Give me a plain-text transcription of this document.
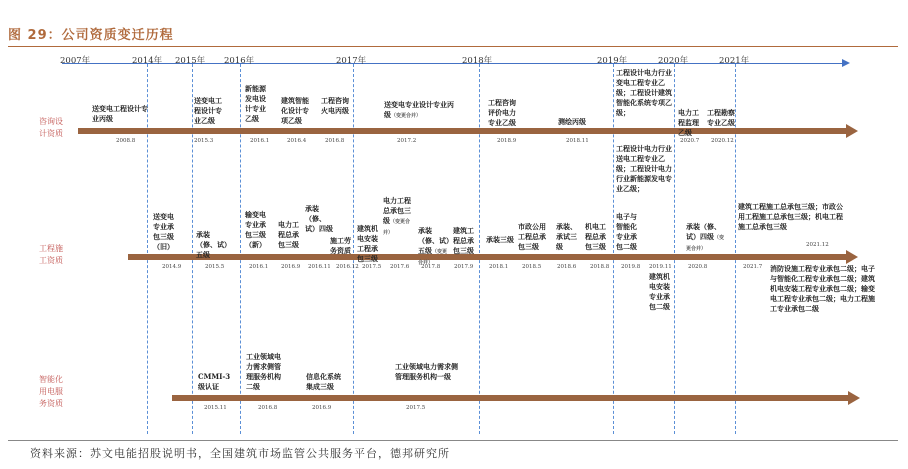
图 29：公司资质变迁历程
2007年	2014年 2015年 2016年	2017年	2018年	2019年	2020年	2021年
咨询设计资质
工程施工资质
智能化用电服务资质
送变电工程设计专业丙级
2008.8
送变电工程设计专业乙级
2015.3
新能源发电设计专业乙级
2016.1
建筑智能化设计专项乙级
2016.4
工程咨询火电丙级
2016.8
送变电专业设计专业丙级（变更合并）
2017.2
工程咨询评价电力专业乙级
2018.9
测绘丙级
2018.11
工程设计电力行业变电工程专业乙级；工程设计建筑智能化系统专项乙级；
工程设计电力行业送电工程专业乙级；工程设计电力行业新能源发电专业乙级；
电力工程监理乙级
2020.7
工程勘察专业乙级
2020.12
送变电专业承包三级（旧）
2014.9
承装（修、试）五级
2015.5
输变电专业承包三级（新）
2016.1
电力工程总承包三级
2016.9
承装（修、试）四级
2016.11
施工劳务资质
2016.12
建筑机电安装工程承包三级
2017.5
电力工程总承包三级（变更合并）
2017.6
承装（修、试）五级（变更合并）
2017.8
建筑工程总承包三级
2017.9
承装三级
2018.1
市政公用工程总承包三级
2018.5
承装、承试三级
2018.6
机电工程总承包三级
2018.8
电子与智能化专业承包二级
2019.8 2019.11
建筑机电安装专业承包二级
承装（修、试）四级（变更合并）
2020.8
建筑工程施工总承包三级；市政公用工程施工总承包三级；机电工程施工总承包三级
2021.12
2021.7 消防设施工程专业承包二级；电子与智能化工程专业承包二级；建筑机电安装工程专业承包二级；输变电工程专业承包二级；电力工程施工专业承包二级
CMMI-3级认证
2015.11
工业领域电力需求侧管理服务机构二级
2016.8
信息化系统集成三级
2016.9
工业领域电力需求侧管理服务机构一级
2017.5
资料来源：苏文电能招股说明书，全国建筑市场监管公共服务平台，德邦研究所
